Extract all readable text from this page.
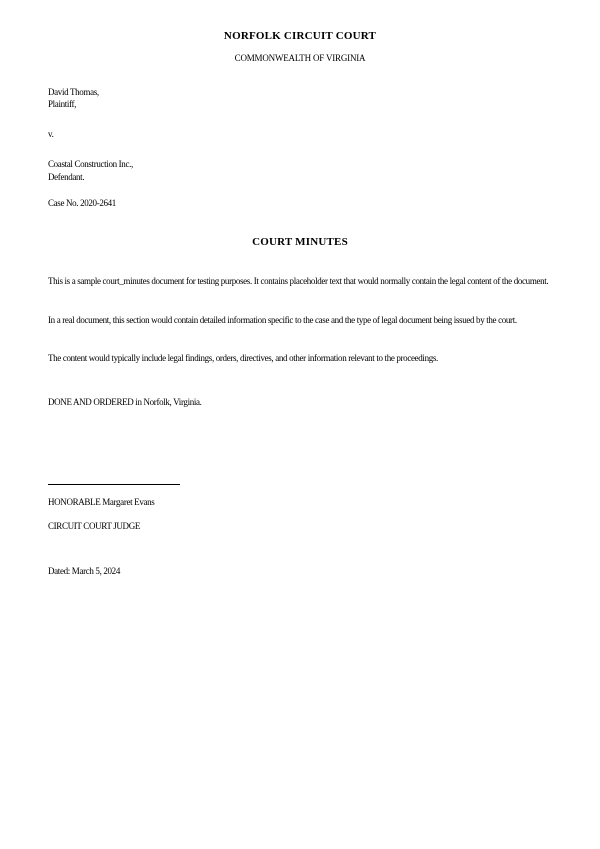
NORFOLK CIRCUIT COURT
COMMONWEALTH OF VIRGINIA
David Thomas,
Plaintiff,
v.
Coastal Construction Inc.,
Defendant.
Case No. 2020-2641
COURT MINUTES
This is a sample court_minutes document for testing purposes. It contains placeholder text that would normally contain the legal content of the document.
In a real document, this section would contain detailed information specific to the case and the type of legal document being issued by the court.
The content would typically include legal findings, orders, directives, and other information relevant to the proceedings.
DONE AND ORDERED in Norfolk, Virginia.
HONORABLE Margaret Evans
CIRCUIT COURT JUDGE
Dated: March 5, 2024
